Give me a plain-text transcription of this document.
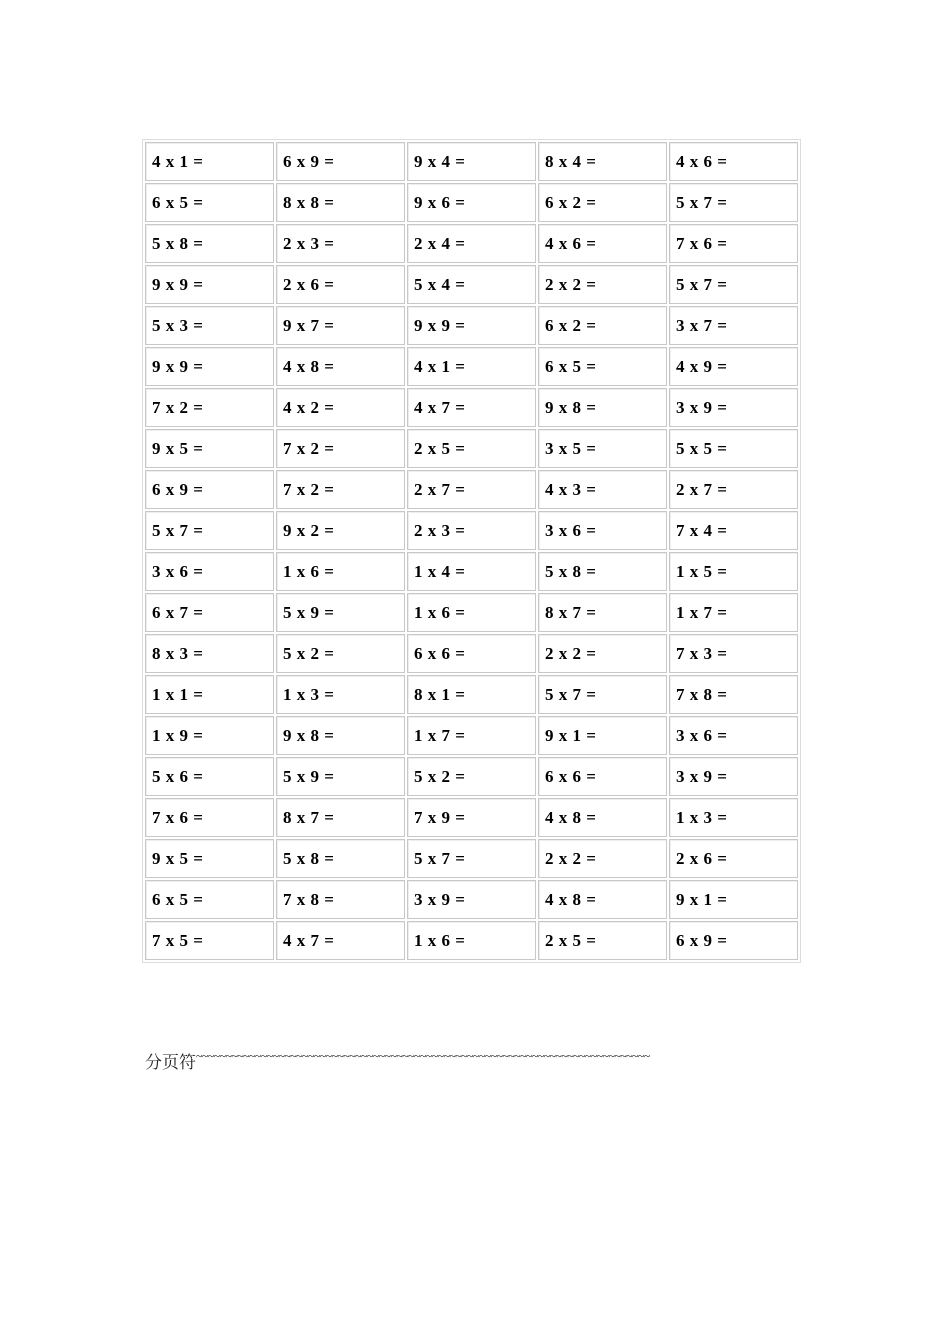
4 x 1 =	6 x 9 =	9 x 4 =	8 x 4 =	4 x 6 =
6 x 5 =	8 x 8 =	9 x 6 =	6 x 2 =	5 x 7 =
5 x 8 =	2 x 3 =	2 x 4 =	4 x 6 =	7 x 6 =
9 x 9 =	2 x 6 =	5 x 4 =	2 x 2 =	5 x 7 =
5 x 3 =	9 x 7 =	9 x 9 =	6 x 2 =	3 x 7 =
9 x 9 =	4 x 8 =	4 x 1 =	6 x 5 =	4 x 9 =
7 x 2 =	4 x 2 =	4 x 7 =	9 x 8 =	3 x 9 =
9 x 5 =	7 x 2 =	2 x 5 =	3 x 5 =	5 x 5 =
6 x 9 =	7 x 2 =	2 x 7 =	4 x 3 =	2 x 7 =
5 x 7 =	9 x 2 =	2 x 3 =	3 x 6 =	7 x 4 =
3 x 6 =	1 x 6 =	1 x 4 =	5 x 8 =	1 x 5 =
6 x 7 =	5 x 9 =	1 x 6 =	8 x 7 =	1 x 7 =
8 x 3 =	5 x 2 =	6 x 6 =	2 x 2 =	7 x 3 =
1 x 1 =	1 x 3 =	8 x 1 =	5 x 7 =	7 x 8 =
1 x 9 =	9 x 8 =	1 x 7 =	9 x 1 =	3 x 6 =
5 x 6 =	5 x 9 =	5 x 2 =	6 x 6 =	3 x 9 =
7 x 6 =	8 x 7 =	7 x 9 =	4 x 8 =	1 x 3 =
9 x 5 =	5 x 8 =	5 x 7 =	2 x 2 =	2 x 6 =
6 x 5 =	7 x 8 =	3 x 9 =	4 x 8 =	9 x 1 =
7 x 5 =	4 x 7 =	1 x 6 =	2 x 5 =	6 x 9 =
分页符~~~~~~~~~~~~~~~~~~~~~~~~~~~~~~~~~~~~~~~~~~~~~~~~~~~~~~~~~~~~~~~~~~~~~~~~~~~~~
